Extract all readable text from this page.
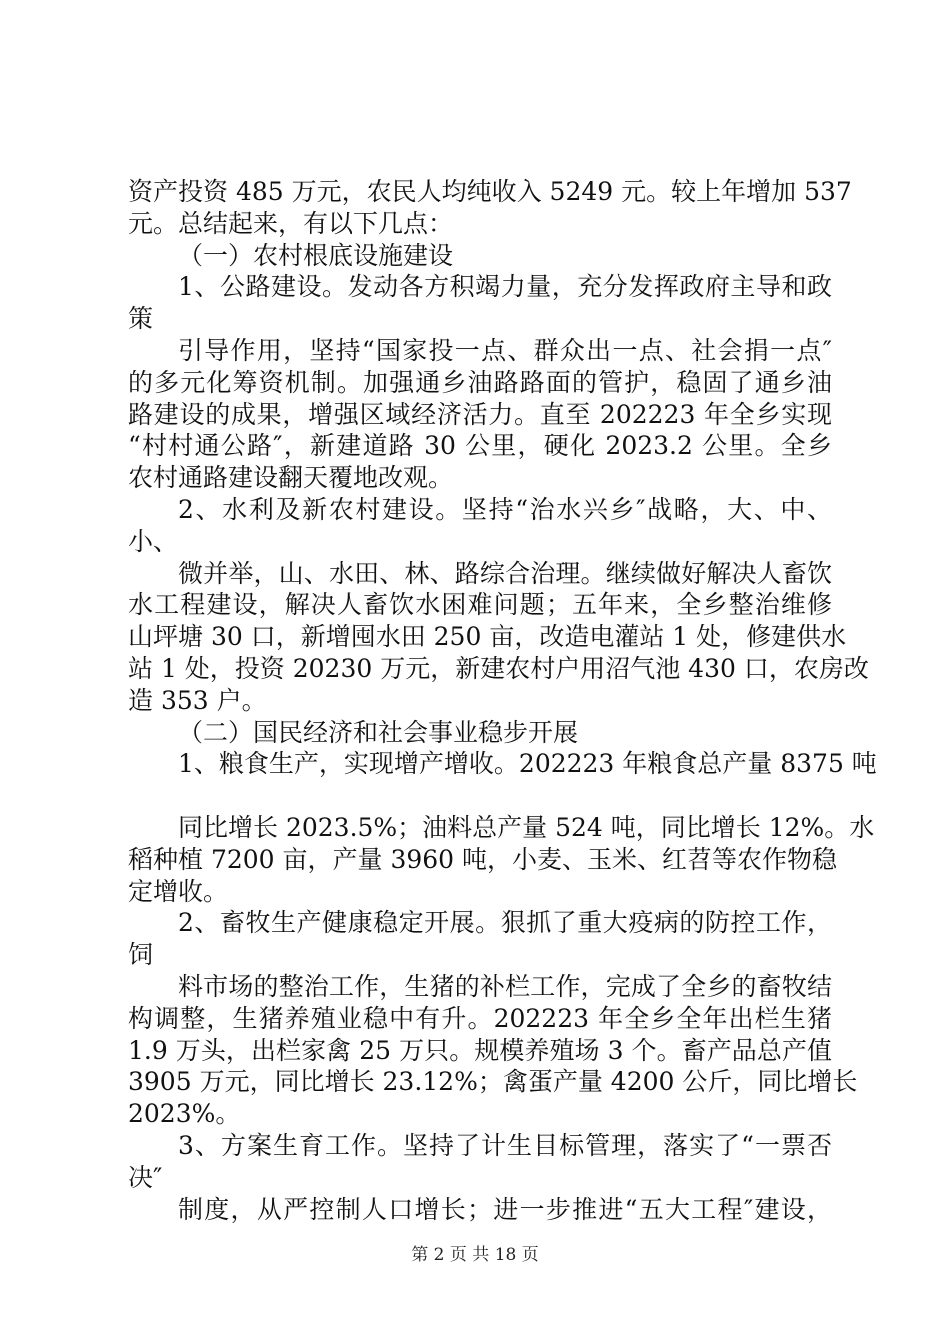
资产投资 485 万元，农民人均纯收入 5249 元。较上年增加 537
元。总结起来，有以下几点：
（一）农村根底设施建设
1、公路建设。发动各方积竭力量，充分发挥政府主导和政
策
引导作用，坚持“国家投一点、群众出一点、社会捐一点″
的多元化筹资机制。加强通乡油路路面的管护，稳固了通乡油
路建设的成果，增强区域经济活力。直至 202223 年全乡实现
“村村通公路″，新建道路 30 公里，硬化 2023.2 公里。全乡
农村通路建设翻天覆地改观。
2、水利及新农村建设。坚持“治水兴乡″战略，大、中、
小、
微并举，山、水田、林、路综合治理。继续做好解决人畜饮
水工程建设，解决人畜饮水困难问题；五年来，全乡整治维修
山坪塘 30 口，新增囤水田 250 亩，改造电灌站 1 处，修建供水
站 1 处，投资 20230 万元，新建农村户用沼气池 430 口，农房改
造 353 户。
（二）国民经济和社会事业稳步开展
1、粮食生产，实现增产增收。202223 年粮食总产量 8375 吨
同比增长 2023.5%；油料总产量 524 吨，同比增长 12%。水
稻种植 7200 亩，产量 3960 吨，小麦、玉米、红苕等农作物稳
定增收。
2、畜牧生产健康稳定开展。狠抓了重大疫病的防控工作，
饲
料市场的整治工作，生猪的补栏工作，完成了全乡的畜牧结
构调整，生猪养殖业稳中有升。202223 年全乡全年出栏生猪
1.9 万头，出栏家禽 25 万只。规模养殖场 3 个。畜产品总产值
3905 万元，同比增长 23.12%；禽蛋产量 4200 公斤，同比增长
2023%。
3、方案生育工作。坚持了计生目标管理，落实了“一票否
决″
制度，从严控制人口增长；进一步推进“五大工程″建设，
第 2 页 共 18 页
